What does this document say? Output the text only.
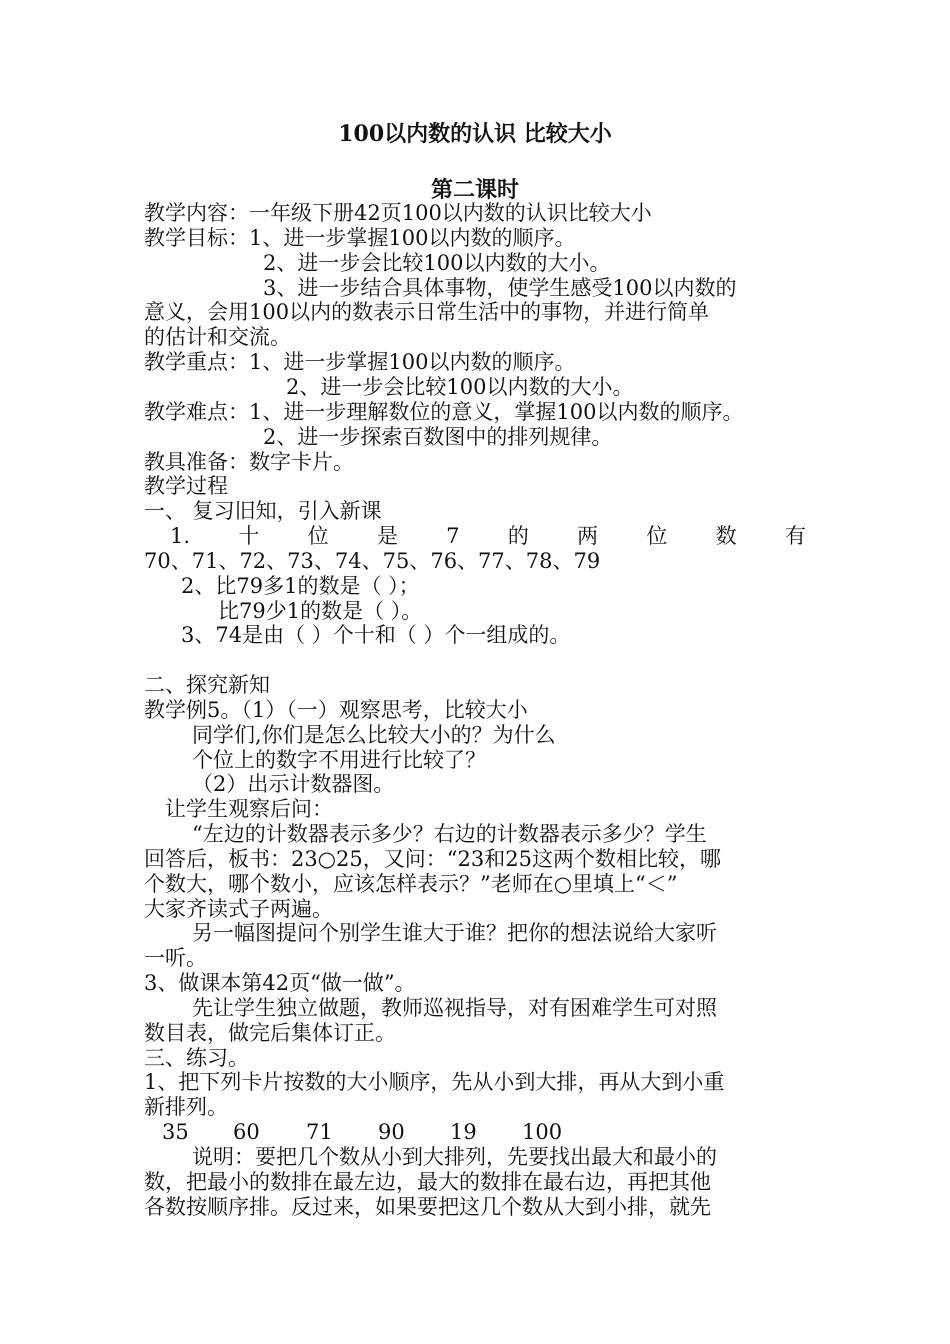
100以内数的认识 比较大小
第二课时
教学内容：一年级下册42页100以内数的认识比较大小
教学目标：1、进一步掌握100以内数的顺序。
2、进一步会比较100以内数的大小。
3、进一步结合具体事物，使学生感受100以内数的
意义，会用100以内的数表示日常生活中的事物，并进行简单
的估计和交流。
教学重点：1、进一步掌握100以内数的顺序。
2、进一步会比较100以内数的大小。
教学难点：1、进一步理解数位的意义，掌握100以内数的顺序。
2、进一步探索百数图中的排列规律。
教具准备：数字卡片。
教学过程
一、 复习旧知，引入新课
1. 十 位 是 7 的 两 位 数 有
70、71、72、73、74、75、76、77、78、79
2、比79多1的数是（ ）；
比79少1的数是（ ）。
3、74是由（ ）个十和（ ）个一组成的。
二、探究新知
教学例5。（1）（一）观察思考，比较大小
同学们,你们是怎么比较大小的？为什么
个位上的数字不用进行比较了？
（2）出示计数器图。
让学生观察后问：
“左边的计数器表示多少？右边的计数器表示多少？学生
回答后，板书：23○25，又问：“23和25这两个数相比较，哪
个数大，哪个数小，应该怎样表示？”老师在○里填上“＜”
大家齐读式子两遍。
另一幅图提问个别学生谁大于谁？把你的想法说给大家听
一听。
3、做课本第42页“做一做”。
先让学生独立做题，教师巡视指导，对有困难学生可对照
数目表，做完后集体订正。
三、练习。
1、把下列卡片按数的大小顺序，先从小到大排，再从大到小重
新排列。
35 60 71 90 19 100
说明：要把几个数从小到大排列，先要找出最大和最小的
数，把最小的数排在最左边，最大的数排在最右边，再把其他
各数按顺序排。反过来，如果要把这几个数从大到小排，就先
